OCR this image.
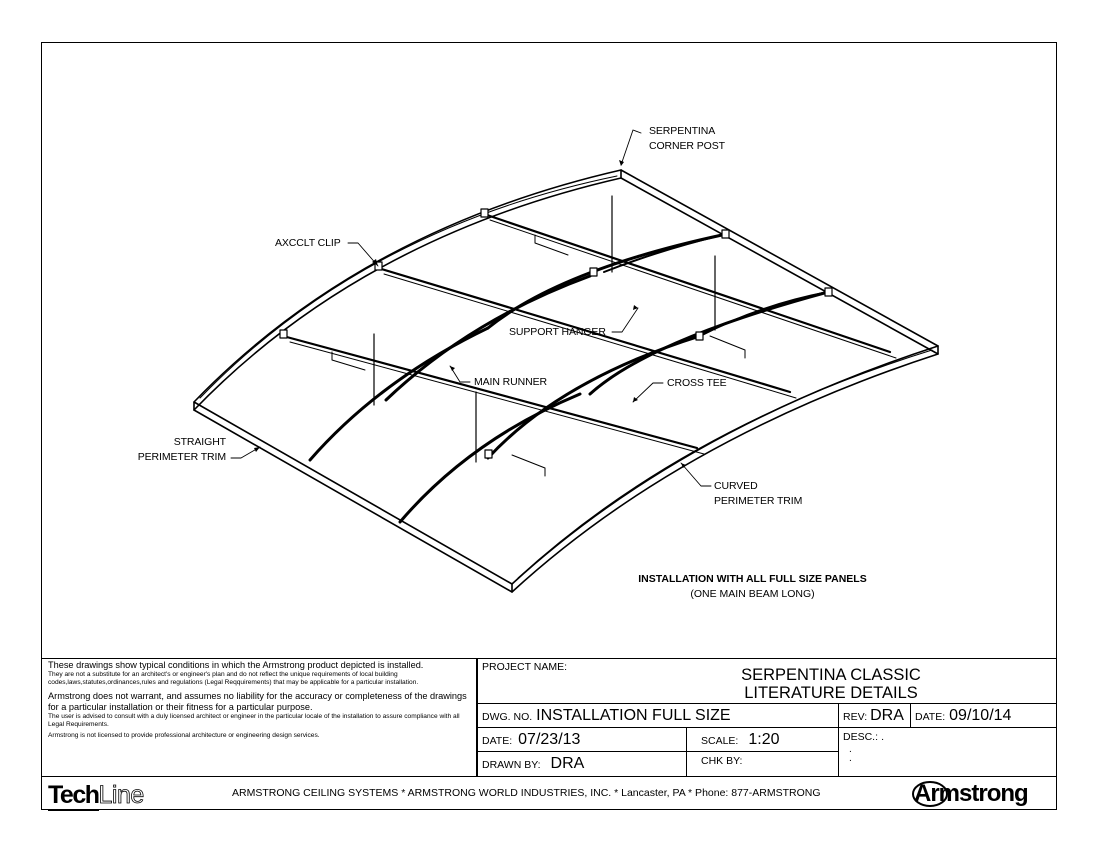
SERPENTINA
CORNER POST
AXCCLT CLIP
SUPPORT HANGER
MAIN RUNNER	CROSS TEE
STRAIGHT
PERIMETER TRIM
CURVED
PERIMETER TRIM
INSTALLATION WITH ALL FULL SIZE PANELS
(ONE MAIN BEAM LONG)

These drawings show typical conditions in which the Armstrong product depicted is installed.
They are not a substitute for an architect's or engineer's plan and do not reflect the unique requirements of local building codes,laws,statutes,ordinances,rules and regulations (Legal Reqquirements) that may be applicable for a particular installation.

Armstrong does not warrant, and assumes no liability for the accuracy or completeness of the drawings for a particular installation or their fitness for a particular purpose.
The user is advised to consult with a duly licensed architect or engineer in the particular locale of the installation to assure compliance with all Legal Requirements.

Armstrong is not licensed to provide professional architecture or engineering design services.

PROJECT NAME:	SERPENTINA CLASSIC
LITERATURE DETAILS
DWG. NO. INSTALLATION FULL SIZE	REV: DRA	DATE: 09/10/14
DATE: 07/23/13	SCALE: 1:20	DESC.: .
.
.
DRAWN BY: DRA	CHK BY:
TechLine	ARMSTRONG CEILING SYSTEMS * ARMSTRONG WORLD INDUSTRIES, INC. * Lancaster, PA * Phone: 877-ARMSTRONG	Armstrong
